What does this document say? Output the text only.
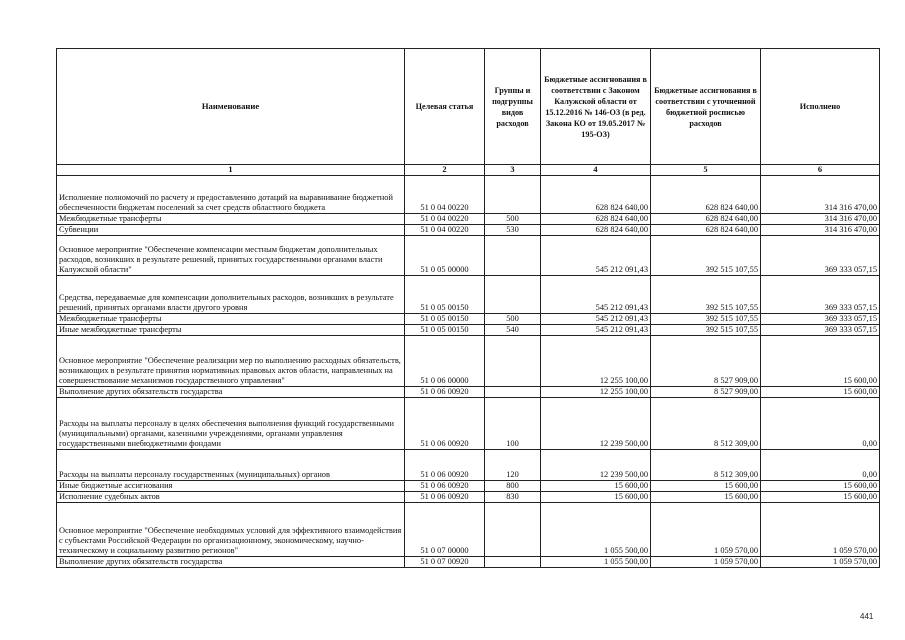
Наименование	Целевая статья	Группы и подгруппы видов расходов	Бюджетные ассигнования в соответствии с Законом Калужской области от 15.12.2016 № 146-ОЗ (в ред. Закона КО от 19.05.2017 № 195-ОЗ)	Бюджетные ассигнования в соответствии с уточненной бюджетной росписью расходов	Исполнено
1	2	3	4	5	6
Исполнение полномочий по расчету и предоставлению дотаций на выравнивание бюджетной обеспеченности бюджетам поселений за счет средств областного бюджета	51 0 04 00220		628 824 640,00	628 824 640,00	314 316 470,00
Межбюджетные трансферты	51 0 04 00220	500	628 824 640,00	628 824 640,00	314 316 470,00
Субвенции	51 0 04 00220	530	628 824 640,00	628 824 640,00	314 316 470,00
Основное мероприятие "Обеспечение компенсации местным бюджетам дополнительных расходов, возникших в результате решений, принятых государственными органами власти Калужской области"	51 0 05 00000		545 212 091,43	392 515 107,55	369 333 057,15
Средства, передаваемые для компенсации дополнительных расходов, возникших в результате решений, принятых органами власти другого уровня	51 0 05 00150		545 212 091,43	392 515 107,55	369 333 057,15
Межбюджетные трансферты	51 0 05 00150	500	545 212 091,43	392 515 107,55	369 333 057,15
Иные межбюджетные трансферты	51 0 05 00150	540	545 212 091,43	392 515 107,55	369 333 057,15
Основное мероприятие "Обеспечение реализации мер по выполнению расходных обязательств, возникающих в результате принятия нормативных правовых актов области, направленных на совершенствование механизмов государственного управления"	51 0 06 00000		12 255 100,00	8 527 909,00	15 600,00
Выполнение других обязательств государства	51 0 06 00920		12 255 100,00	8 527 909,00	15 600,00
Расходы на выплаты персоналу в целях обеспечения выполнения функций государственными (муниципальными) органами, казенными учреждениями, органами управления государственными внебюджетными фондами	51 0 06 00920	100	12 239 500,00	8 512 309,00	0,00
Расходы на выплаты персоналу государственных (муниципальных) органов	51 0 06 00920	120	12 239 500,00	8 512 309,00	0,00
Иные бюджетные ассигнования	51 0 06 00920	800	15 600,00	15 600,00	15 600,00
Исполнение судебных актов	51 0 06 00920	830	15 600,00	15 600,00	15 600,00
Основное мероприятие "Обеспечение необходимых условий для эффективного взаимодействия с субъектами Российской Федерации по организационному, экономическому, научно-техническому и социальному развитию регионов"	51 0 07 00000		1 055 500,00	1 059 570,00	1 059 570,00
Выполнение других обязательств государства	51 0 07 00920		1 055 500,00	1 059 570,00	1 059 570,00
441
